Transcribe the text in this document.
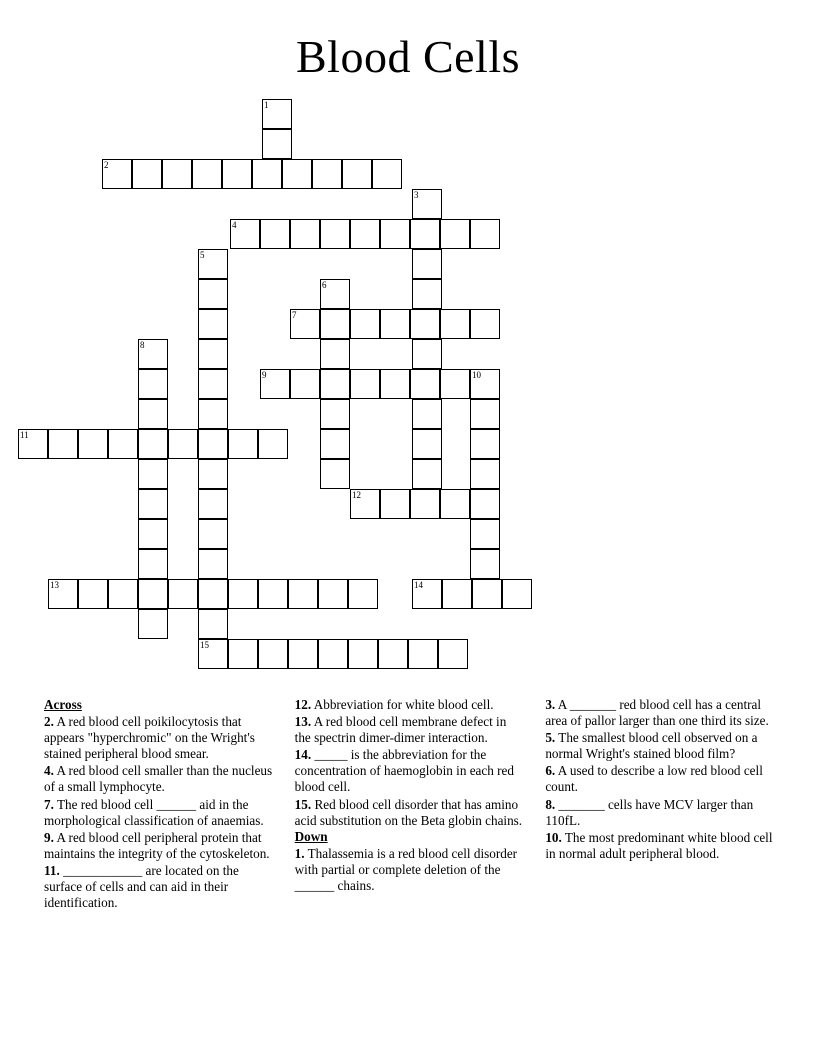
Blood Cells
1
2
3
4
5
6
7
8
9	10
11
12
13	14
15

Across

2. A red blood cell poikilocytosis that appears "hyperchromic" on the Wright's stained peripheral blood smear.

4. A red blood cell smaller than the nucleus of a small lymphocyte.

7. The red blood cell ______ aid in the morphological classification of anaemias.

9. A red blood cell peripheral protein that maintains the integrity of the cytoskeleton.

11. ____________ are located on the surface of cells and can aid in their identification.

12. Abbreviation for white blood cell.

13. A red blood cell membrane defect in the spectrin dimer-dimer interaction.

14. _____ is the abbreviation for the concentration of haemoglobin in each red blood cell.

15. Red blood cell disorder that has amino acid substitution on the Beta globin chains.

Down

1. Thalassemia is a red blood cell disorder with partial or complete deletion of the ______ chains.

3. A _______ red blood cell has a central area of pallor larger than one third its size.

5. The smallest blood cell observed on a normal Wright's stained blood film?

6. A used to describe a low red blood cell count.

8. _______ cells have MCV larger than 110fL.

10. The most predominant white blood cell in normal adult peripheral blood.
